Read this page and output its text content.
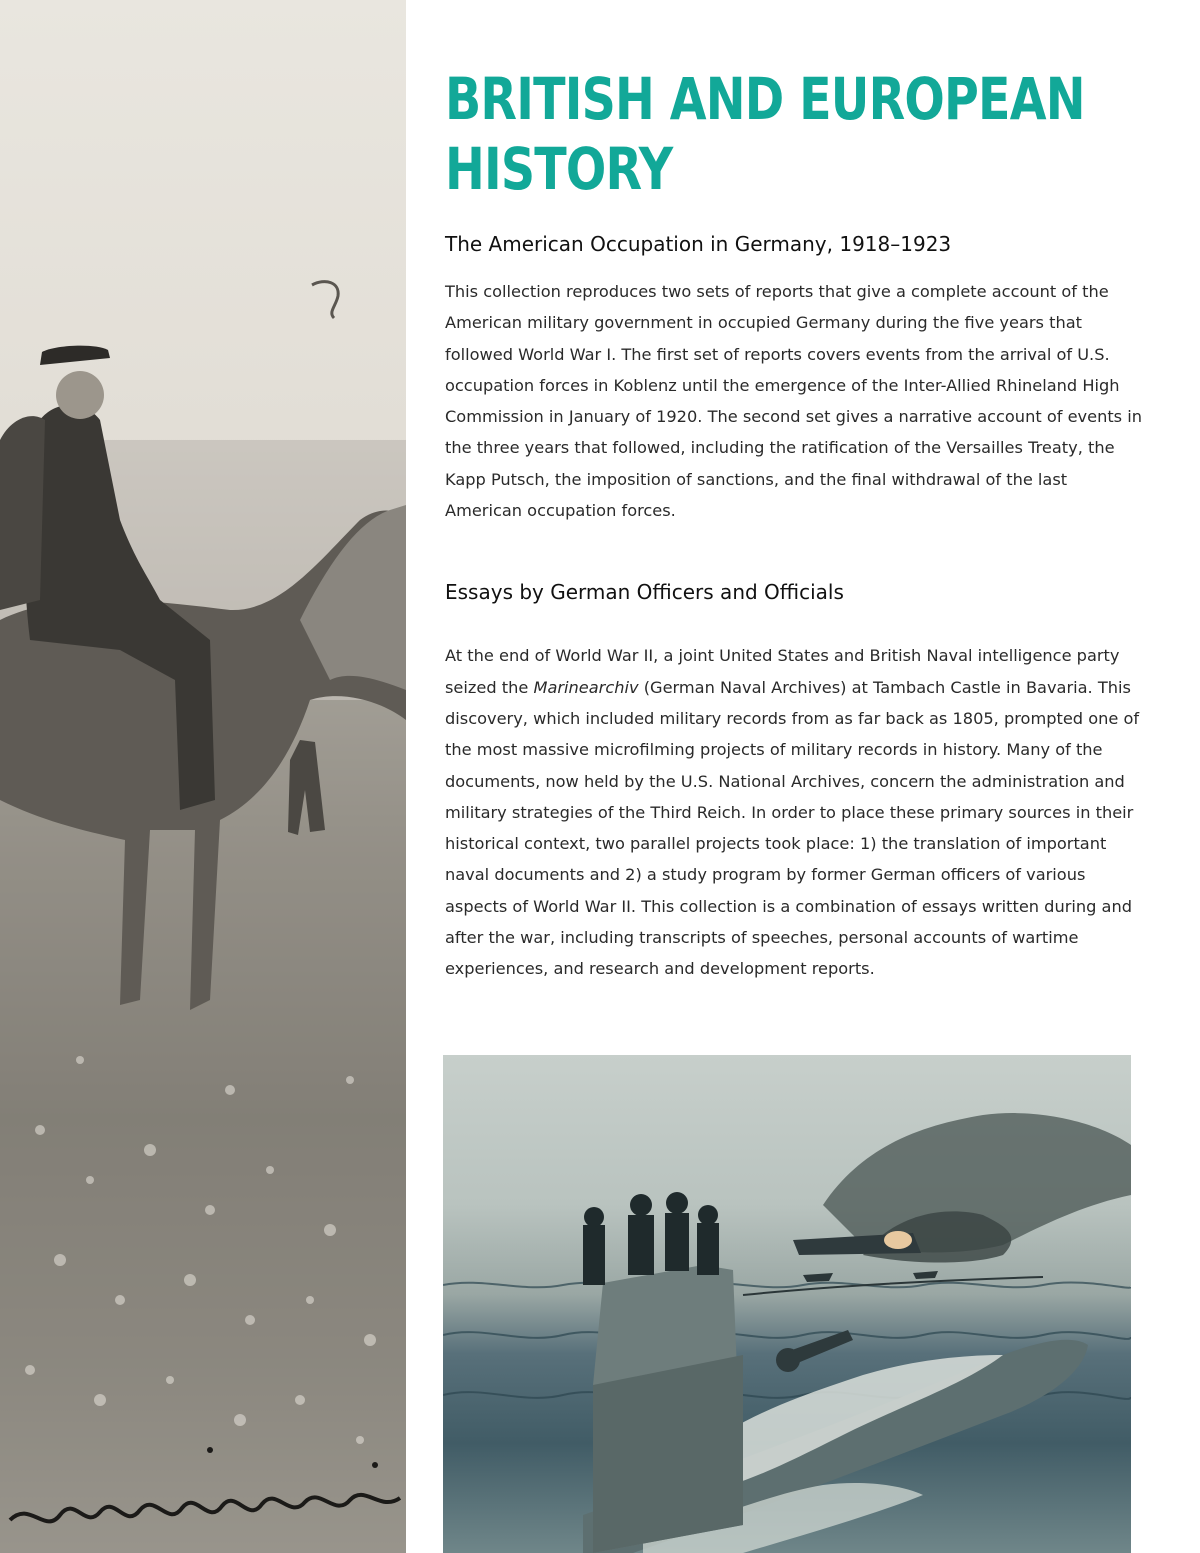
BRITISH AND EUROPEAN
HISTORY
The American Occupation in Germany, 1918–1923

This collection reproduces two sets of reports that give a complete account of the American military government in occupied Germany during the five years that followed World War I. The first set of reports covers events from the arrival of U.S. occupation forces in Koblenz until the emergence of the Inter-Allied Rhineland High Commission in January of 1920. The second set gives a narrative account of events in the three years that followed, including the ratification of the Versailles Treaty, the Kapp Putsch, the imposition of sanctions, and the final withdrawal of the last American occupation forces.

Essays by German Officers and Officials

At the end of World War II, a joint United States and British Naval intelligence party seized the Marinearchiv (German Naval Archives) at Tambach Castle in Bavaria. This discovery, which included military records from as far back as 1805, prompted one of the most massive microfilming projects of military records in history. Many of the documents, now held by the U.S. National Archives, concern the administration and military strategies of the Third Reich. In order to place these primary sources in their historical context, two parallel projects took place: 1) the translation of important naval documents and 2) a study program by former German officers of various aspects of World War II. This collection is a combination of essays written during and after the war, including transcripts of speeches, personal accounts of wartime experiences, and research and development reports.
